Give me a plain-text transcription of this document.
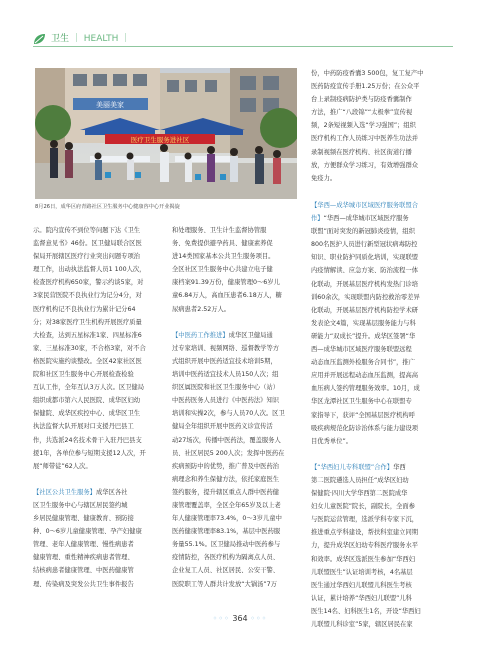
卫生 ｜ HEALTH ｜
美丽美家
医疗卫生服务进社区
8月26日，成华区府青路社区卫生服务中心健康咨中心开业揭旋

示。院内宣传不到位等问题下达《卫生

监督意见书》46份。区卫健局联合区医

保局开展辖区医疗行业突出问题专项治

理工作，出动执法监督人员1 100人次，

检查医疗机构650家，警示约谈5家，对

3家民营医院不良执业行为记分4分，对

医疗机构记不良执业行为累计记分64

分；对38家医疗卫生机构开展医疗质量

大检查，达到五星标准1家、四星标准6

家、三星标准30家，不合格3家，对不合

格医院实施约谈整改。全区42家社区医

院和社区卫生服务中心开展检查检验

互认工作，全年互认3万人次。区卫健局

组织成都市第六人民医院、成华区妇幼

保健院、成华区疾控中心、成华区卫生

执法监督大队开展对口支援丹巴县工

作，共选派24名技术骨干入驻丹巴县支

援1年，各单位参与短期支援12人次，开

展“师带徒”62人次。

【社区公共卫生服务】成华区各社

区卫生服务中心与辖区居民签约城

乡居民健康管理、健康教育、预防接

种、0～6岁儿童健康管理、孕产妇健康

管理、老年人健康管理、慢性病患者

健康管理、重性精神疾病患者管理、

结核病患者健康管理、中医药健康管

理、传染病及突发公共卫生事件报告

和处理服务、卫生计生监督协管服

务、免费提供避孕药具、健康素养促

进14类国家基本公共卫生服务项目。

全区社区卫生服务中心共建立电子健

康档案91.39万份，健康管理0～6岁儿

童6.84万人，高血压患者6.18万人，糖

尿病患者2.52万人。

【中医药工作推进】成华区卫健局通

过专家培训、视频网络、巡督教学等方

式组织开展中医药适宜技术培训5期，

培训中医药适宜技术人员150人次；组

织区属医院和社区卫生服务中心（站）

中医药医务人员进行《中医药法》知识

培训和实操2次，参与人员70人次。区卫

健局全年组织开展中医药义诊宣传活

动27场次，传播中医药法，覆盖服务人

员、社区居民5 200人次；发挥中医药在

疾病预防中的优势，推广普及中医药治

病理念和养生保健方法，依托家庭医生

签约服务，提升辖区重点人群中医药健

康管理覆盖率，全区全年65岁及以上老

年人健康管理率73.4%，0～3岁儿童中

医药健康管理率83.1%，基层中医药服

务量55.1%。区卫健局推动中医药参与

疫情防控，各医疗机构为隔离点人员、

企业复工人员、社区居民、公安干警、

医院职工等人群共计发放“大锅汤”7万

份，中药防疫香囊3 500包，复工复产中

医药防疫宣传手册1.25万份；在公众平

台上录制疫病防护类与防疫香囊制作

方法，推广“八段锦”“太极拳”宣传视

频，2条短视频入选“学习强国”；组织

医疗机构工作人员练习中医养生功法并

录制视频在医疗机构、社区街道行播

放，方便群众学习练习，有效增强群众

免疫力。

【华西—成华城市区域医疗服务联盟合

作】“华西—成华城市区域医疗服务

联盟”面对突发的新冠肺炎疫情，组织

800名医护人员进行新型冠状病毒防控

知识、职业防护同质化培训，实现联盟

内疫情解读、应急方案、防治流程一体

化联动，开展基层医疗机构发热门诊培

训60余次，实现联盟内防控救治零差异

化联动，开展基层医疗机构防控学术研

发表论文4篇，实现基层服务能力与科

研能力“双成长”提升。成华区签署“华

西—成华城市区域医疗服务联盟远程

动态血压监测外检服务合同书”，推广

应用并开展远程动态血压监测，提高高

血压病人签约管理服务效率。10月，成

华区龙潭社区卫生服务中心在联盟专

家指导下，获评“全国基层医疗机构呼

吸疾病规范化防诊治体系与能力建设项

目优秀单位”。

【“华西妇儿专科联盟”合作】华西

第二医院遴选人员担任“成华区妇幼

保健院·四川大学华西第二医院成华

妇女儿童医院”院长，副院长，全面参

与医院运营管理，选派学科专家下沉，

推进重点学科建设，帮扶科室建立同期

力，提升成华区妇幼专科医疗服务水平

和效率。成华区选派医生参加“华西妇

儿联盟医生”认证培训考核，4名基层

医生通过华西妇儿联盟儿科医生考核

认证，累计培养“华西妇儿联盟”儿科

医生14名、妇科医生1名，开设“华西妇

儿联盟儿科诊室”5家，辖区居民在家

◦◦◦ 364 ◦◦◦
